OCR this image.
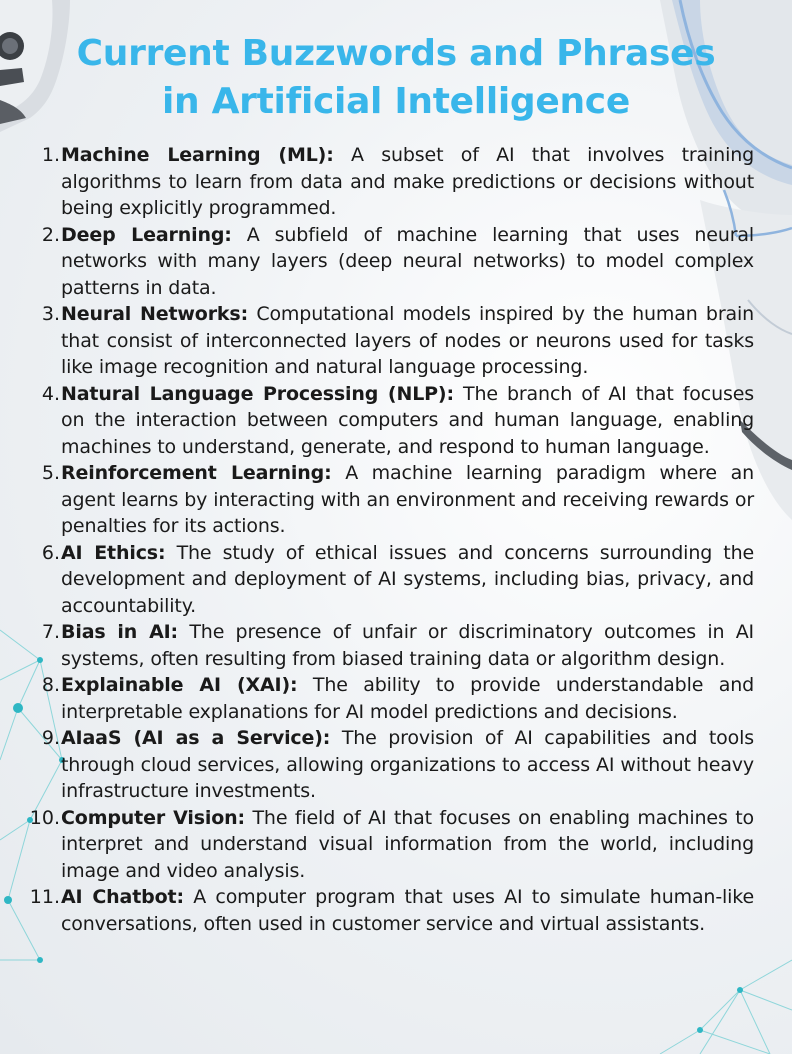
Current Buzzwords and Phrases
in Artificial Intelligence
1. Machine Learning (ML): A subset of AI that involves training algorithms to learn from data and make predictions or decisions without being explicitly programmed.
2. Deep Learning: A subfield of machine learning that uses neural networks with many layers (deep neural networks) to model complex patterns in data.
3. Neural Networks: Computational models inspired by the human brain that consist of interconnected layers of nodes or neurons used for tasks like image recognition and natural language processing.
4. Natural Language Processing (NLP): The branch of AI that focuses on the interaction between computers and human language, enabling machines to understand, generate, and respond to human language.
5. Reinforcement Learning: A machine learning paradigm where an agent learns by interacting with an environment and receiving rewards or penalties for its actions.
6. AI Ethics: The study of ethical issues and concerns surrounding the development and deployment of AI systems, including bias, privacy, and accountability.
7. Bias in AI: The presence of unfair or discriminatory outcomes in AI systems, often resulting from biased training data or algorithm design.
8. Explainable AI (XAI): The ability to provide understandable and interpretable explanations for AI model predictions and decisions.
9. AIaaS (AI as a Service): The provision of AI capabilities and tools through cloud services, allowing organizations to access AI without heavy infrastructure investments.
10. Computer Vision: The field of AI that focuses on enabling machines to interpret and understand visual information from the world, including image and video analysis.
11. AI Chatbot: A computer program that uses AI to simulate human-like conversations, often used in customer service and virtual assistants.
